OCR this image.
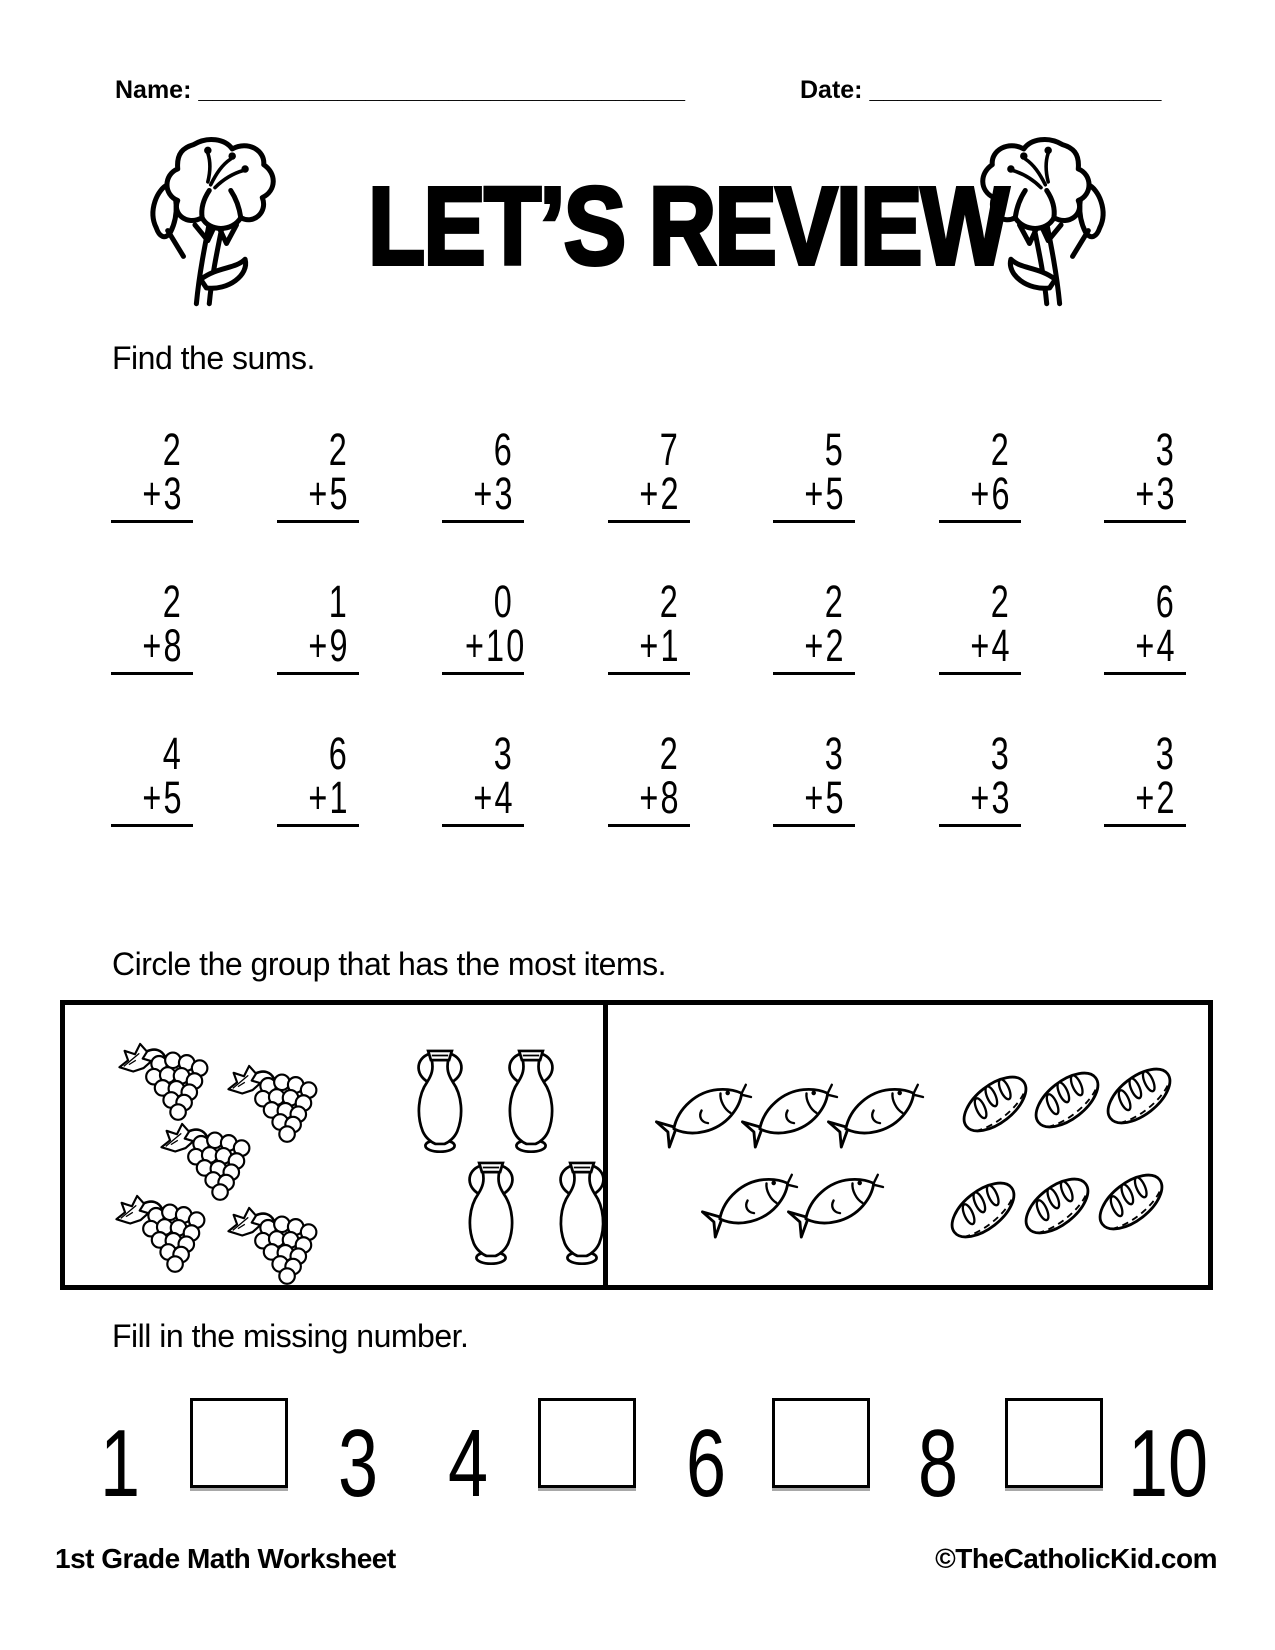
Name: ___________________________________	Date: _____________________
LET’S REVIEW
Find the sums.
2
+3
2
+5
6
+3
7
+2
5
+5
2
+6
3
+3
2
+8
1
+9
0
+10
2
+1
2
+2
2
+4
6
+4
4
+5
6
+1
3
+4
2
+8
3
+5
3
+3
3
+2
Circle the group that has the most items.
Fill in the missing number.
1 3 4 6 8 10
1st Grade Math Worksheet	©TheCatholicKid.com
